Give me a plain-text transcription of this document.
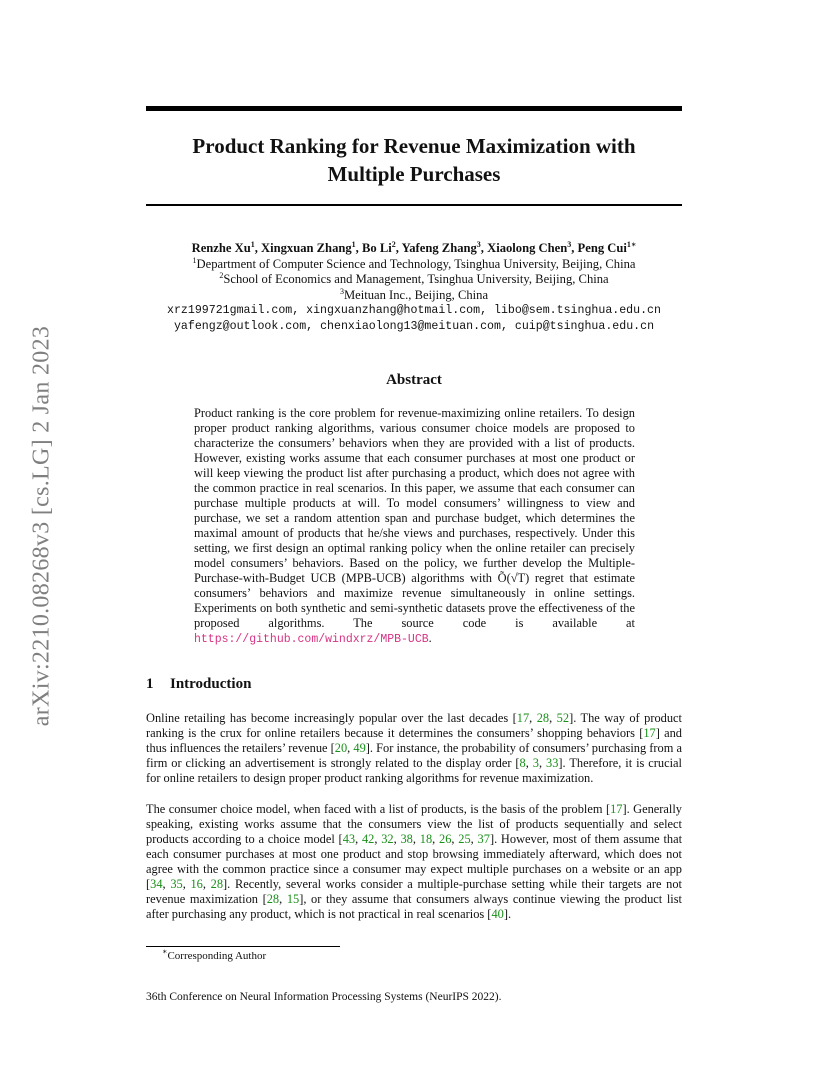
arXiv:2210.08268v3 [cs.LG] 2 Jan 2023
Product Ranking for Revenue Maximization with
Multiple Purchases
Renzhe Xu$^1$, Xingxuan Zhang$^1$, Bo Li$^2$, Yafeng Zhang$^3$, Xiaolong Chen$^3$, Peng Cui$^{1∗}$
$^1$Department of Computer Science and Technology, Tsinghua University, Beijing, China
$^2$School of Economics and Management, Tsinghua University, Beijing, China
$^3$Meituan Inc., Beijing, China
xrz199721gmail.com, xingxuanzhang@hotmail.com, libo@sem.tsinghua.edu.cn
yafengz@outlook.com, chenxiaolong13@meituan.com, cuip@tsinghua.edu.cn
Abstract
Product ranking is the core problem for revenue-maximizing online retailers. To design proper product ranking algorithms, various consumer choice models are proposed to characterize the consumers’ behaviors when they are provided with a list of products. However, existing works assume that each consumer purchases at most one product or will keep viewing the product list after purchasing a product, which does not agree with the common practice in real scenarios. In this paper, we assume that each consumer can purchase multiple products at will. To model consumers’ willingness to view and purchase, we set a random attention span and purchase budget, which determines the maximal amount of products that he/she views and purchases, respectively. Under this setting, we first design an optimal ranking policy when the online retailer can precisely model consumers’ behaviors. Based on the policy, we further develop the Multiple-Purchase-with-Budget UCB (MPB-UCB) algorithms with Õ(√T) regret that estimate consumers’ behaviors and maximize revenue simultaneously in online settings. Experiments on both synthetic and semi-synthetic datasets prove the effectiveness of the proposed algorithms. The source code is available at https://github.com/windxrz/MPB-UCB.
1 Introduction
Online retailing has become increasingly popular over the last decades [17, 28, 52]. The way of product ranking is the crux for online retailers because it determines the consumers’ shopping behaviors [17] and thus influences the retailers’ revenue [20, 49]. For instance, the probability of consumers’ purchasing from a firm or clicking an advertisement is strongly related to the display order [8, 3, 33]. Therefore, it is crucial for online retailers to design proper product ranking algorithms for revenue maximization.
The consumer choice model, when faced with a list of products, is the basis of the problem [17]. Generally speaking, existing works assume that the consumers view the list of products sequentially and select products according to a choice model [43, 42, 32, 38, 18, 26, 25, 37]. However, most of them assume that each consumer purchases at most one product and stop browsing immediately afterward, which does not agree with the common practice since a consumer may expect multiple purchases on a website or an app [34, 35, 16, 28]. Recently, several works consider a multiple-purchase setting while their targets are not revenue maximization [28, 15], or they assume that consumers always continue viewing the product list after purchasing any product, which is not practical in real scenarios [40].
∗Corresponding Author
36th Conference on Neural Information Processing Systems (NeurIPS 2022).
